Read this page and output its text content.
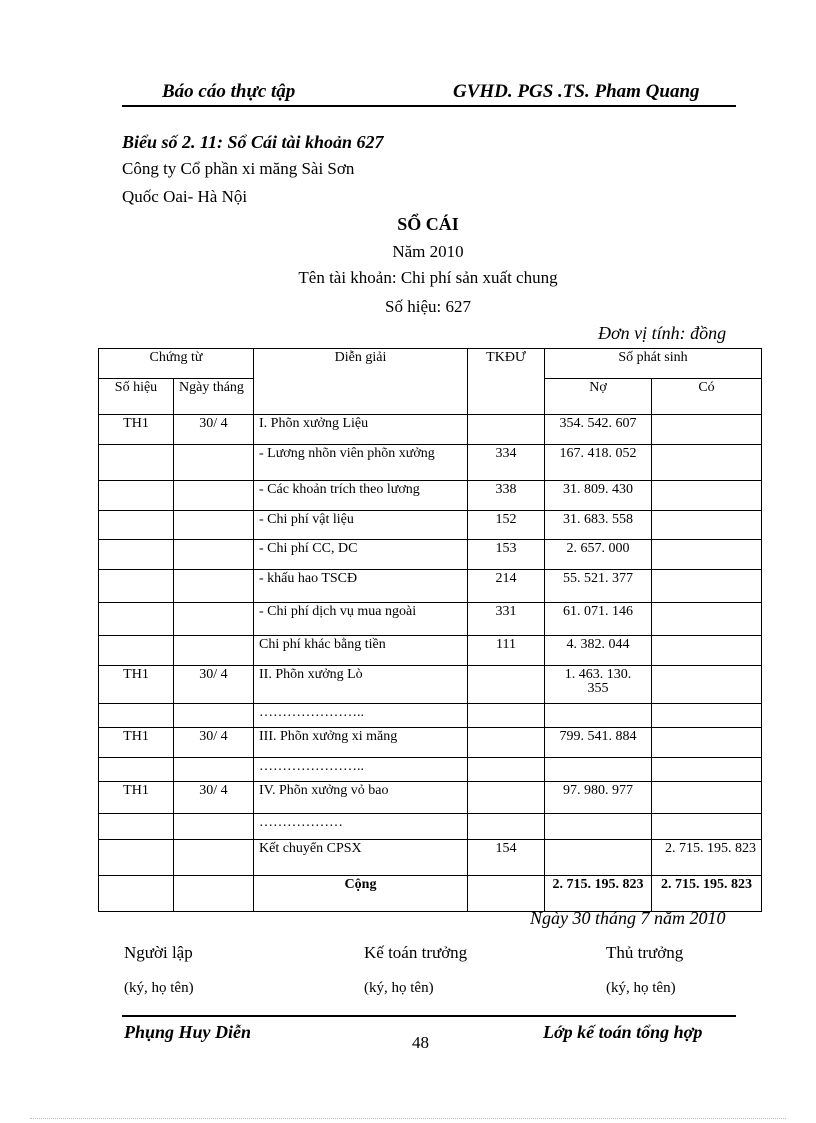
Báo cáo thực tập	GVHD. PGS .TS. Pham Quang
Biểu số 2. 11: Sổ Cái tài khoản 627
Công ty Cổ phần xi măng Sài Sơn
Quốc Oai- Hà Nội
SỔ CÁI
Năm 2010
Tên tài khoản: Chi phí sản xuất chung
Số hiệu: 627
Đơn vị tính: đồng
Chứng từ		Diễn giải	TKĐƯ	Số phát sinh	
Số hiệu	Ngày tháng			Nợ	Có
TH1	30/ 4	I. Phõn xưởng Liệu		354. 542. 607	

		- Lương nhõn viên phõn xưởng	334	167. 418. 052	
		- Các khoản trích theo lương	338	31. 809. 430	
		- Chi phí vật liệu	152	31. 683. 558	
		- Chi phí CC, DC	153	2. 657. 000	
		- khấu hao TSCĐ	214	55. 521. 377	
		- Chi phí dịch vụ mua ngoài	331	61. 071. 146	
		Chi phí khác bằng tiền	111	4. 382. 044	
TH1	30/ 4	II. Phõn xưởng Lò		1. 463. 130. 355	
		…………………..			
TH1	30/ 4	III. Phõn xưởng xi măng		799. 541. 884	
		…………………..			
TH1	30/ 4	IV. Phõn xưởng vỏ bao		97. 980. 977	
		………………			
		Kết chuyển CPSX	154		2. 715. 195. 823
		Cộng		2. 715. 195. 823	2. 715. 195. 823
Ngày 30 tháng 7 năm 2010
Người lập
(ký, họ tên)
Kế toán trưởng
(ký, họ tên)
Thủ trưởng
(ký, họ tên)
Phụng Huy Diễn
48
Lớp kế toán tổng hợp
